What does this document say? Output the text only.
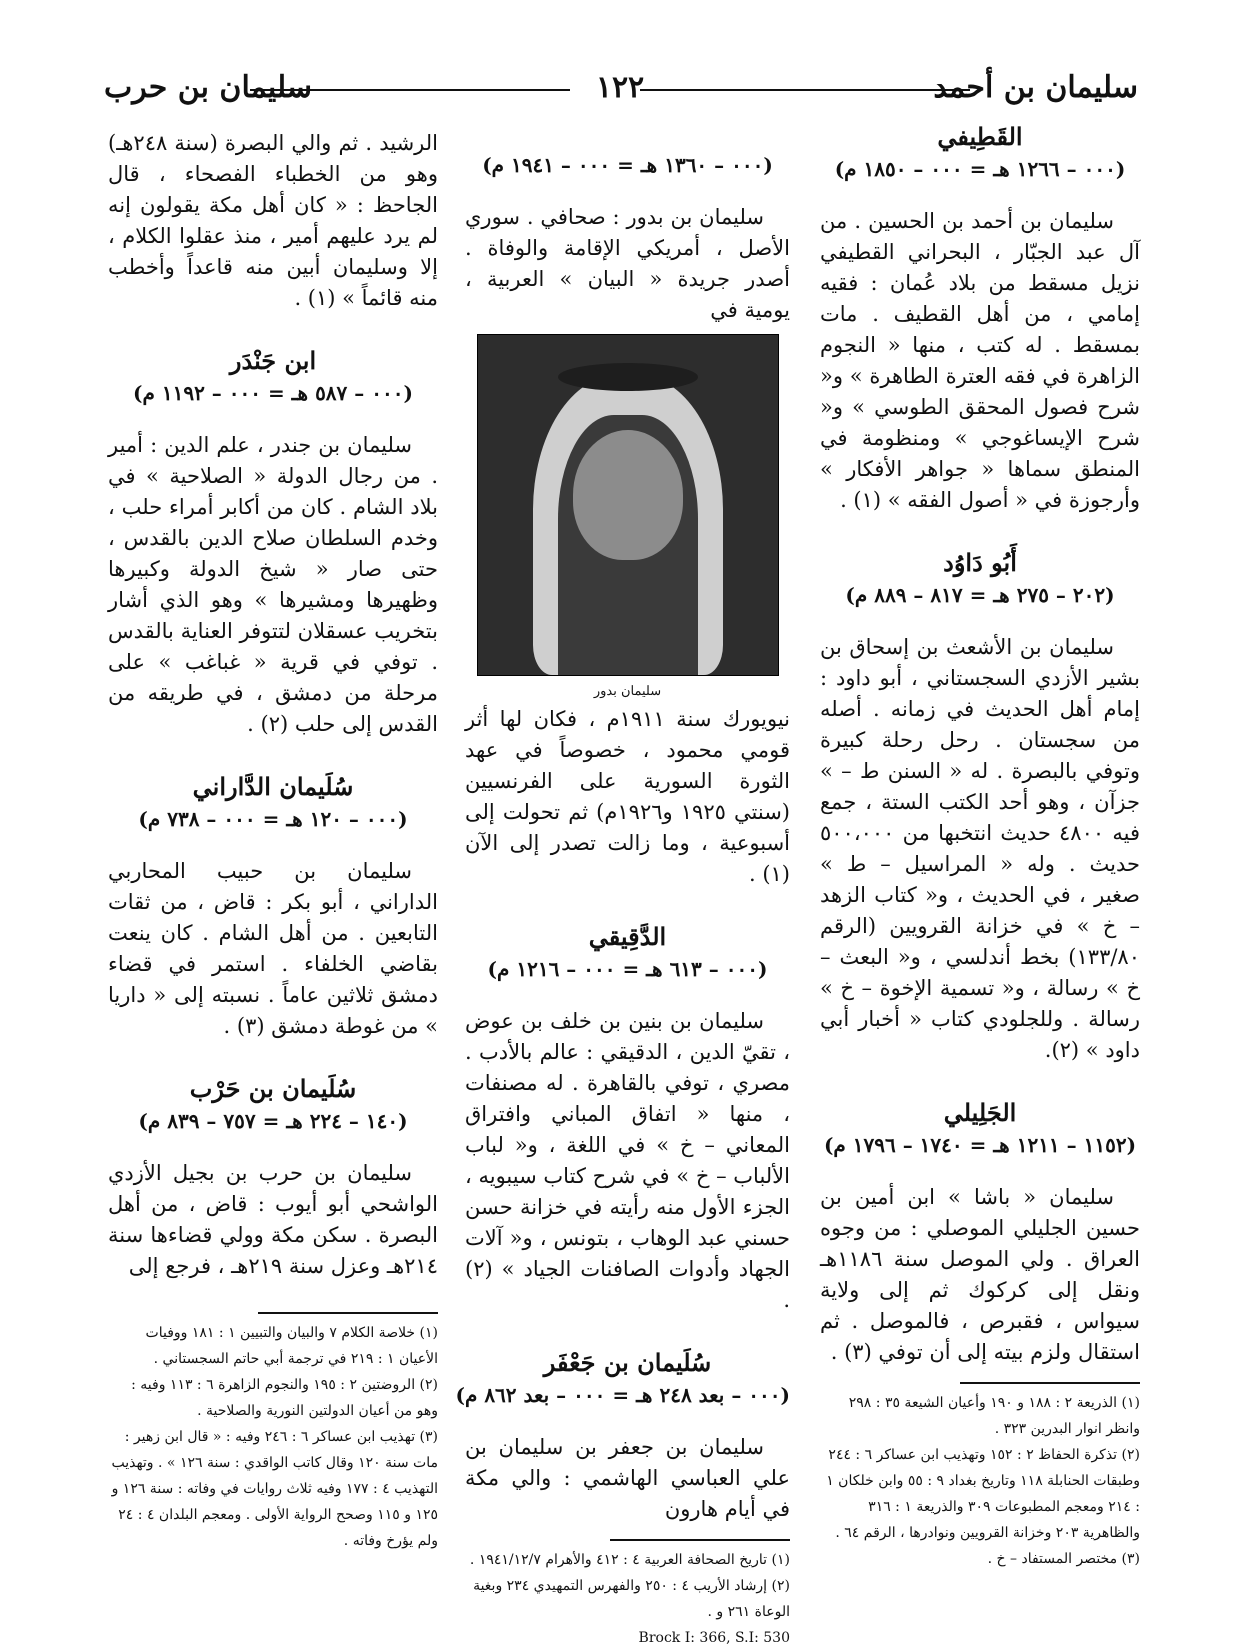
سليمان بن أحمد
١٢٢
سليمان بن حرب

القَطِيفي

(٠٠٠ – ١٢٦٦ هـ = ٠٠٠ – ١٨٥٠ م)

سليمان بن أحمد بن الحسين . من آل عبد الجبّار ، البحراني القطيفي نزيل مسقط من بلاد عُمان : فقيه إمامي ، من أهل القطيف . مات بمسقط . له كتب ، منها « النجوم الزاهرة في فقه العترة الطاهرة » و« شرح فصول المحقق الطوسي » و« شرح الإيساغوجي » ومنظومة في المنطق سماها « جواهر الأفكار » وأرجوزة في « أصول الفقه » (١) .

أَبُو دَاوُد

(٢٠٢ – ٢٧٥ هـ = ٨١٧ – ٨٨٩ م)

سليمان بن الأشعث بن إسحاق بن بشير الأزدي السجستاني ، أبو داود : إمام أهل الحديث في زمانه . أصله من سجستان . رحل رحلة كبيرة وتوفي بالبصرة . له « السنن ط – » جزآن ، وهو أحد الكتب الستة ، جمع فيه ٤٨٠٠ حديث انتخبها من ٥٠٠،٠٠٠ حديث . وله « المراسيل – ط » صغير ، في الحديث ، و« كتاب الزهد – خ » في خزانة القرويين (الرقم ١٣٣/٨٠) بخط أندلسي ، و« البعث – خ » رسالة ، و« تسمية الإخوة – خ » رسالة . وللجلودي كتاب « أخبار أبي داود » (٢).

الجَلِيلي

(١١٥٢ – ١٢١١ هـ = ١٧٤٠ – ١٧٩٦ م)

سليمان « باشا » ابن أمين بن حسين الجليلي الموصلي : من وجوه العراق . ولي الموصل سنة ١١٨٦هـ ونقل إلى كركوك ثم إلى ولاية سيواس ، فقبرص ، فالموصل . ثم استقال ولزم بيته إلى أن توفي (٣) .

(١) الذريعة ٢ : ١٨٨ و ١٩٠ وأعيان الشيعة ٣٥ : ٢٩٨ وانظر انوار البدرين ٣٢٣ .

(٢) تذكرة الحفاظ ٢ : ١٥٢ وتهذيب ابن عساكر ٦ : ٢٤٤ وطبقات الحنابلة ١١٨ وتاريخ بغداد ٩ : ٥٥ وابن خلكان ١ : ٢١٤ ومعجم المطبوعات ٣٠٩ والذريعة ١ : ٣١٦ والظاهرية ٢٠٣ وخزانة القرويين ونوادرها ، الرقم ٦٤ .

(٣) مختصر المستفاد – خ .

(٠٠٠ – ١٣٦٠ هـ = ٠٠٠ – ١٩٤١ م)

سليمان بن بدور : صحافي . سوري الأصل ، أمريكي الإقامة والوفاة . أصدر جريدة « البيان » العربية ، يومية في

سليمان بدور

نيويورك سنة ١٩١١م ، فكان لها أثر قومي محمود ، خصوصاً في عهد الثورة السورية على الفرنسيين (سنتي ١٩٢٥ و١٩٢٦م) ثم تحولت إلى أسبوعية ، وما زالت تصدر إلى الآن (١) .

الدَّقِيقي

(٠٠٠ – ٦١٣ هـ = ٠٠٠ – ١٢١٦ م)

سليمان بن بنين بن خلف بن عوض ، تقيّ الدين ، الدقيقي : عالم بالأدب . مصري ، توفي بالقاهرة . له مصنفات ، منها « اتفاق المباني وافتراق المعاني – خ » في اللغة ، و« لباب الألباب – خ » في شرح كتاب سيبويه ، الجزء الأول منه رأيته في خزانة حسن حسني عبد الوهاب ، بتونس ، و« آلات الجهاد وأدوات الصافنات الجياد » (٢) .

سُلَيمان بن جَعْفَر

(٠٠٠ – بعد ٢٤٨ هـ = ٠٠٠ – بعد ٨٦٢ م)

سليمان بن جعفر بن سليمان بن علي العباسي الهاشمي : والي مكة في أيام هارون

(١) تاريخ الصحافة العربية ٤ : ٤١٢ والأهرام ١٩٤١/١٢/٧ .

(٢) إرشاد الأريب ٤ : ٢٥٠ والفهرس التمهيدي ٢٣٤ وبغية الوعاة ٢٦١ و .

Brock I: 366, S.I: 530

الرشيد . ثم والي البصرة (سنة ٢٤٨هـ) وهو من الخطباء الفصحاء ، قال الجاحظ : « كان أهل مكة يقولون إنه لم يرد عليهم أمير ، منذ عقلوا الكلام ، إلا وسليمان أبين منه قاعداً وأخطب منه قائماً » (١) .

ابن جَنْدَر

(٠٠٠ – ٥٨٧ هـ = ٠٠٠ – ١١٩٢ م)

سليمان بن جندر ، علم الدين : أمير . من رجال الدولة « الصلاحية » في بلاد الشام . كان من أكابر أمراء حلب ، وخدم السلطان صلاح الدين بالقدس ، حتى صار « شيخ الدولة وكبيرها وظهيرها ومشيرها » وهو الذي أشار بتخريب عسقلان لتتوفر العناية بالقدس . توفي في قرية « غباغب » على مرحلة من دمشق ، في طريقه من القدس إلى حلب (٢) .

سُلَيمان الدَّاراني

(٠٠٠ – ١٢٠ هـ = ٠٠٠ – ٧٣٨ م)

سليمان بن حبيب المحاربي الداراني ، أبو بكر : قاض ، من ثقات التابعين . من أهل الشام . كان ينعت بقاضي الخلفاء . استمر في قضاء دمشق ثلاثين عاماً . نسبته إلى « داريا » من غوطة دمشق (٣) .

سُلَيمان بن حَرْب

(١٤٠ – ٢٢٤ هـ = ٧٥٧ – ٨٣٩ م)

سليمان بن حرب بن بجيل الأزدي الواشحي أبو أيوب : قاض ، من أهل البصرة . سكن مكة وولي قضاءها سنة ٢١٤هـ وعزل سنة ٢١٩هـ ، فرجع إلى

(١) خلاصة الكلام ٧ والبيان والتبيين ١ : ١٨١ ووفيات الأعيان ١ : ٢١٩ في ترجمة أبي حاتم السجستاني .

(٢) الروضتين ٢ : ١٩٥ والنجوم الزاهرة ٦ : ١١٣ وفيه : وهو من أعيان الدولتين النورية والصلاحية .

(٣) تهذيب ابن عساكر ٦ : ٢٤٦ وفيه : « قال ابن زهير : مات سنة ١٢٠ وقال كاتب الواقدي : سنة ١٢٦ » . وتهذيب التهذيب ٤ : ١٧٧ وفيه ثلاث روايات في وفاته : سنة ١٢٦ و ١٢٥ و ١١٥ وصحح الرواية الأولى . ومعجم البلدان ٤ : ٢٤ ولم يؤرخ وفاته .
